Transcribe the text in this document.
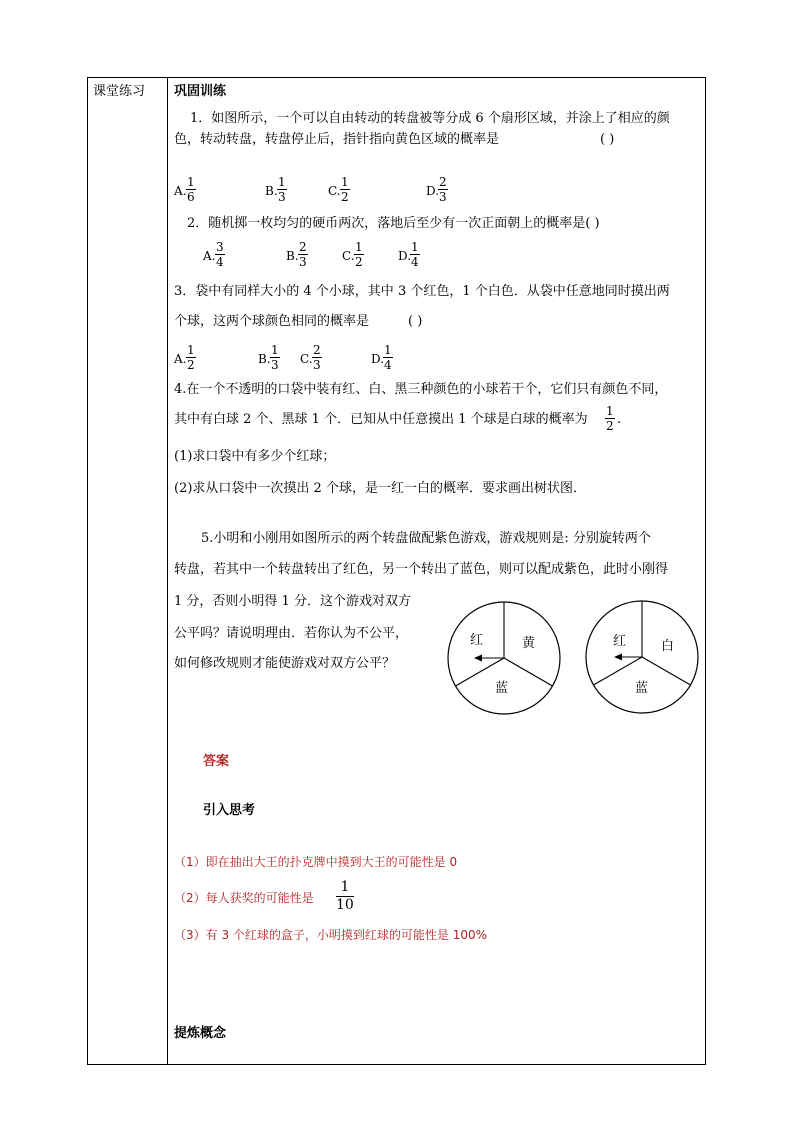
课堂练习 巩固训练
1．如图所示，一个可以自由转动的转盘被等分成 6 个扇形区域，并涂上了相应的颜
色，转动转盘，转盘停止后，指针指向黄色区域的概率是	( )
A. $\frac{1}{6}$	B. $\frac{1}{3}$	C. $\frac{1}{2}$	D.
$\frac{2}{3}$
2．随机掷一枚均匀的硬币两次，落地后至少有一次正面朝上的概率是( )
A. $\frac{3}{4}$	B. $\frac{2}{3}$	C. $\frac{1}{2}$	D.
$\frac{1}{4}$
3．袋中有同样大小的 4 个小球，其中 3 个红色，1 个白色．从袋中任意地同时摸出两
个球，这两个球颜色相同的概率是	( )
A. $\frac{1}{2}$	B. $\frac{1}{3} C$. $\frac{2}{3}$	D.
$\frac{1}{4}$
4.在一个不透明的口袋中装有红、白、黑三种颜色的小球若干个，它们只有颜色不同，
其中有白球 2 个、黑球 1 个．已知从中任意摸出 1 个球是白球的概率为 $\frac{1}{2}$ .
(1)求口袋中有多少个红球；
(2)求从口袋中一次摸出 2 个球，是一红一白的概率．要求画出树状图．
5.小明和小刚用如图所示的两个转盘做配紫色游戏，游戏规则是: 分别旋转两个
转盘，若其中一个转盘转出了红色，另一个转出了蓝色，则可以配成紫色，此时小刚得
1 分，否则小明得 1 分．这个游戏对双方
公平吗？请说明理由．若你认为不公平，
如何修改规则才能使游戏对双方公平？
红	黄
蓝
红	白
蓝
答案
引入思考
（1）即在抽出大王的扑克牌中摸到大王的可能性是 0
（2）每人获奖的可能性是 $\frac{1}{10}$
（3）有 3 个红球的盒子，小明摸到红球的可能性是 100%
提炼概念
